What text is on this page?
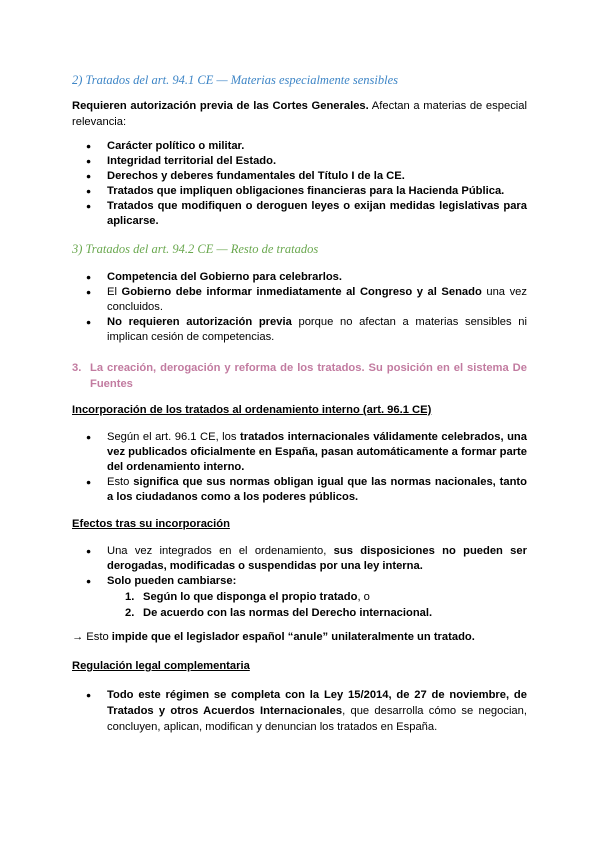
2) Tratados del art. 94.1 CE — Materias especialmente sensibles
Requieren autorización previa de las Cortes Generales. Afectan a materias de especial relevancia:
● Carácter político o militar.
● Integridad territorial del Estado.
● Derechos y deberes fundamentales del Título I de la CE.
● Tratados que impliquen obligaciones financieras para la Hacienda Pública.
● Tratados que modifiquen o deroguen leyes o exijan medidas legislativas para aplicarse.
3) Tratados del art. 94.2 CE — Resto de tratados
● Competencia del Gobierno para celebrarlos.
● El Gobierno debe informar inmediatamente al Congreso y al Senado una vez concluidos.
● No requieren autorización previa porque no afectan a materias sensibles ni implican cesión de competencias.
3. La creación, derogación y reforma de los tratados. Su posición en el sistema De Fuentes
Incorporación de los tratados al ordenamiento interno (art. 96.1 CE)
● Según el art. 96.1 CE, los tratados internacionales válidamente celebrados, una vez publicados oficialmente en España, pasan automáticamente a formar parte del ordenamiento interno.
● Esto significa que sus normas obligan igual que las normas nacionales, tanto a los ciudadanos como a los poderes públicos.
Efectos tras su incorporación
● Una vez integrados en el ordenamiento, sus disposiciones no pueden ser derogadas, modificadas o suspendidas por una ley interna.
● Solo pueden cambiarse:
1. Según lo que disponga el propio tratado, o
2. De acuerdo con las normas del Derecho internacional.
→ Esto impide que el legislador español “anule” unilateralmente un tratado.
Regulación legal complementaria
● Todo este régimen se completa con la Ley 15/2014, de 27 de noviembre, de Tratados y otros Acuerdos Internacionales, que desarrolla cómo se negocian, concluyen, aplican, modifican y denuncian los tratados en España.
